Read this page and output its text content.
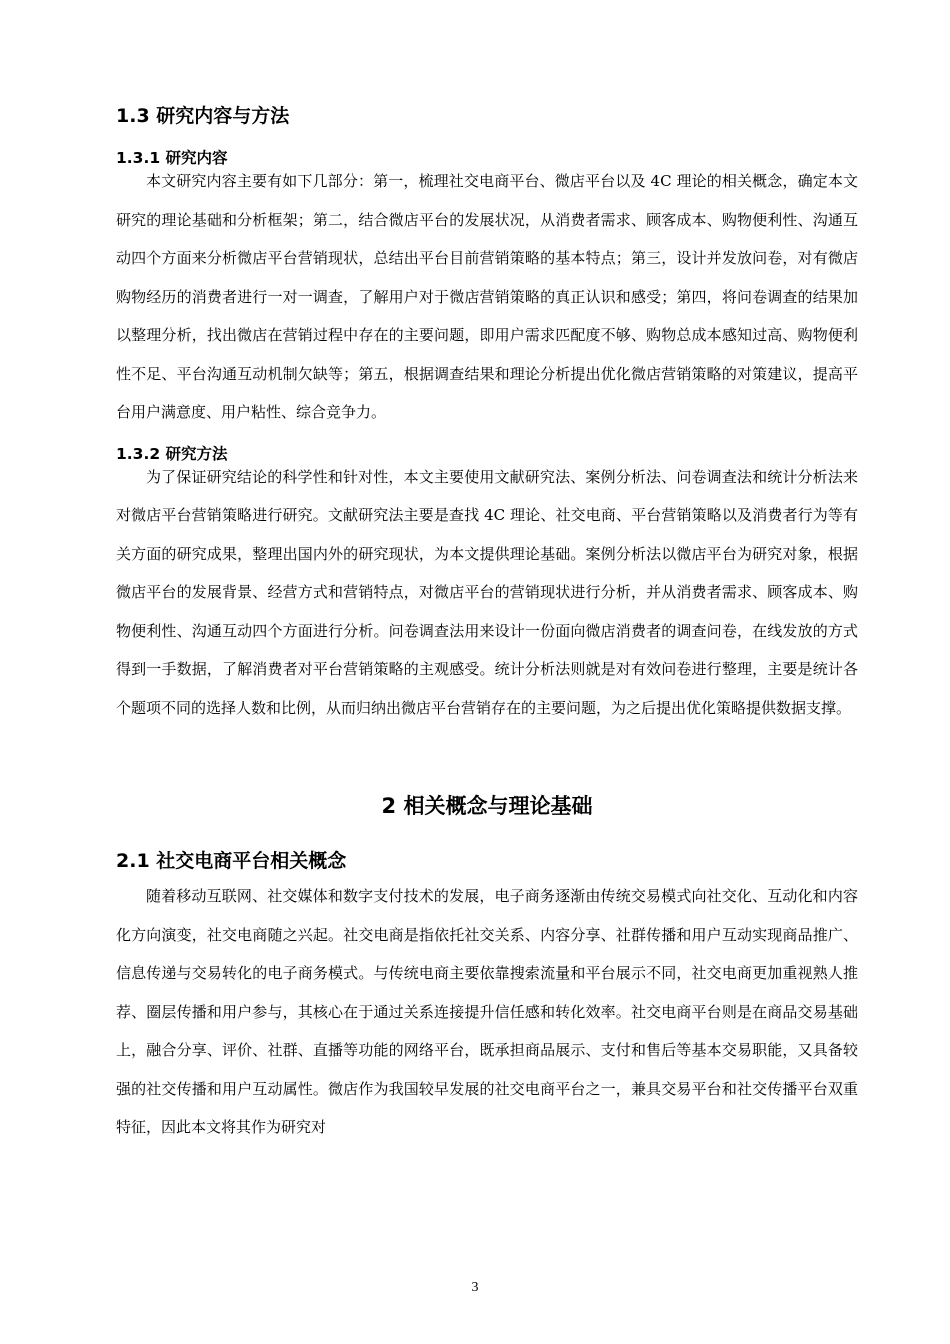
1.3 研究内容与方法
1.3.1 研究内容

本文研究内容主要有如下几部分：第一，梳理社交电商平台、微店平台以及 4C 理论的相关概念，确定本文研究的理论基础和分析框架；第二，结合微店平台的发展状况，从消费者需求、顾客成本、购物便利性、沟通互动四个方面来分析微店平台营销现状，总结出平台目前营销策略的基本特点；第三，设计并发放问卷，对有微店购物经历的消费者进行一对一调查，了解用户对于微店营销策略的真正认识和感受；第四，将问卷调查的结果加以整理分析，找出微店在营销过程中存在的主要问题，即用户需求匹配度不够、购物总成本感知过高、购物便利性不足、平台沟通互动机制欠缺等；第五，根据调查结果和理论分析提出优化微店营销策略的对策建议，提高平台用户满意度、用户粘性、综合竞争力。

1.3.2 研究方法

为了保证研究结论的科学性和针对性，本文主要使用文献研究法、案例分析法、问卷调查法和统计分析法来对微店平台营销策略进行研究。文献研究法主要是查找 4C 理论、社交电商、平台营销策略以及消费者行为等有关方面的研究成果，整理出国内外的研究现状，为本文提供理论基础。案例分析法以微店平台为研究对象，根据微店平台的发展背景、经营方式和营销特点，对微店平台的营销现状进行分析，并从消费者需求、顾客成本、购物便利性、沟通互动四个方面进行分析。问卷调查法用来设计一份面向微店消费者的调查问卷，在线发放的方式得到一手数据，了解消费者对平台营销策略的主观感受。统计分析法则就是对有效问卷进行整理，主要是统计各个题项不同的选择人数和比例，从而归纳出微店平台营销存在的主要问题，为之后提出优化策略提供数据支撑。

2 相关概念与理论基础
2.1 社交电商平台相关概念

随着移动互联网、社交媒体和数字支付技术的发展，电子商务逐渐由传统交易模式向社交化、互动化和内容化方向演变，社交电商随之兴起。社交电商是指依托社交关系、内容分享、社群传播和用户互动实现商品推广、信息传递与交易转化的电子商务模式。与传统电商主要依靠搜索流量和平台展示不同，社交电商更加重视熟人推荐、圈层传播和用户参与，其核心在于通过关系连接提升信任感和转化效率。社交电商平台则是在商品交易基础上，融合分享、评价、社群、直播等功能的网络平台，既承担商品展示、支付和售后等基本交易职能，又具备较强的社交传播和用户互动属性。微店作为我国较早发展的社交电商平台之一，兼具交易平台和社交传播平台双重特征，因此本文将其作为研究对

3
